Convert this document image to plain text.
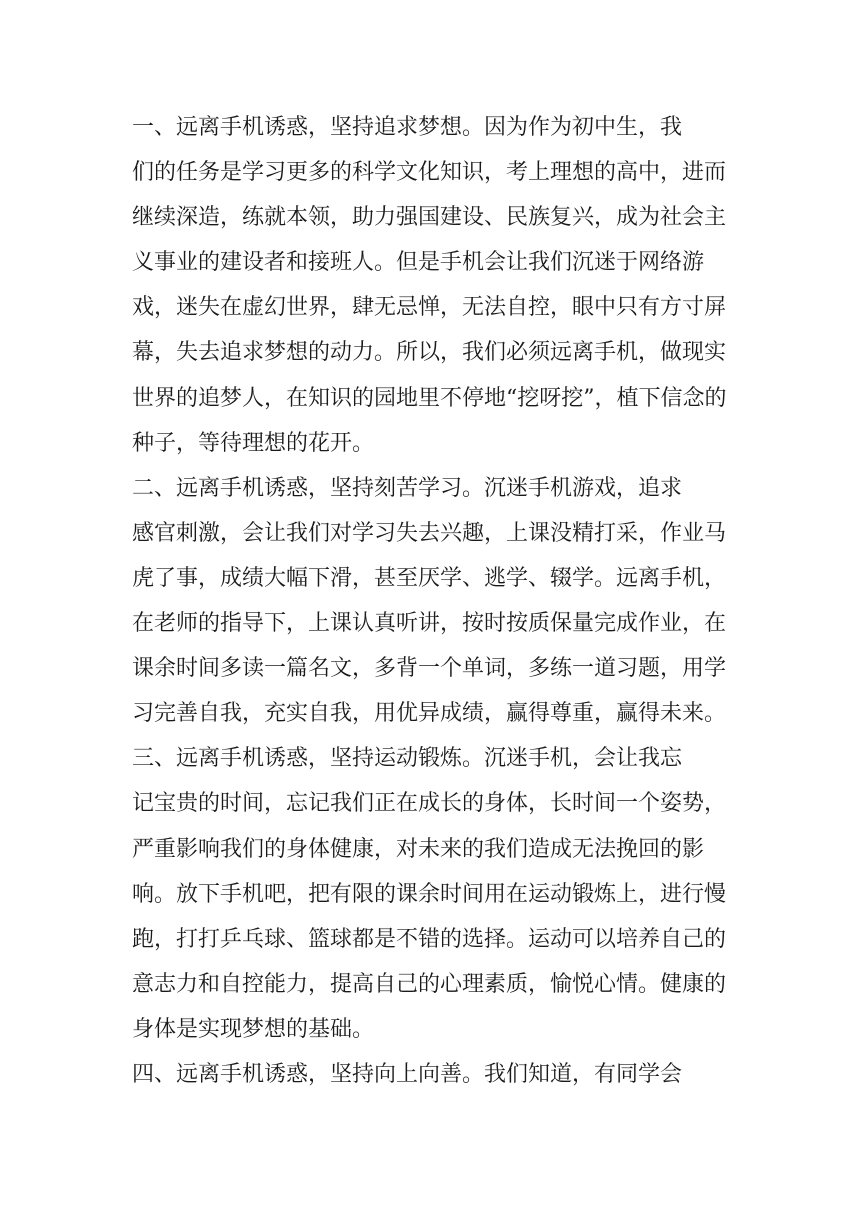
一、远离手机诱惑，坚持追求梦想。因为作为初中生，我
们的任务是学习更多的科学文化知识，考上理想的高中，进而
继续深造，练就本领，助力强国建设、民族复兴，成为社会主
义事业的建设者和接班人。但是手机会让我们沉迷于网络游
戏，迷失在虚幻世界，肆无忌惮，无法自控，眼中只有方寸屏
幕，失去追求梦想的动力。所以，我们必须远离手机，做现实
世界的追梦人，在知识的园地里不停地“挖呀挖”，植下信念的
种子，等待理想的花开。
二、远离手机诱惑，坚持刻苦学习。沉迷手机游戏，追求
感官刺激，会让我们对学习失去兴趣，上课没精打采，作业马
虎了事，成绩大幅下滑，甚至厌学、逃学、辍学。远离手机，
在老师的指导下，上课认真听讲，按时按质保量完成作业，在
课余时间多读一篇名文，多背一个单词，多练一道习题，用学
习完善自我，充实自我，用优异成绩，赢得尊重，赢得未来。
三、远离手机诱惑，坚持运动锻炼。沉迷手机，会让我忘
记宝贵的时间，忘记我们正在成长的身体，长时间一个姿势，
严重影响我们的身体健康，对未来的我们造成无法挽回的影
响。放下手机吧，把有限的课余时间用在运动锻炼上，进行慢
跑，打打乒乓球、篮球都是不错的选择。运动可以培养自己的
意志力和自控能力，提高自己的心理素质，愉悦心情。健康的
身体是实现梦想的基础。
四、远离手机诱惑，坚持向上向善。我们知道，有同学会
